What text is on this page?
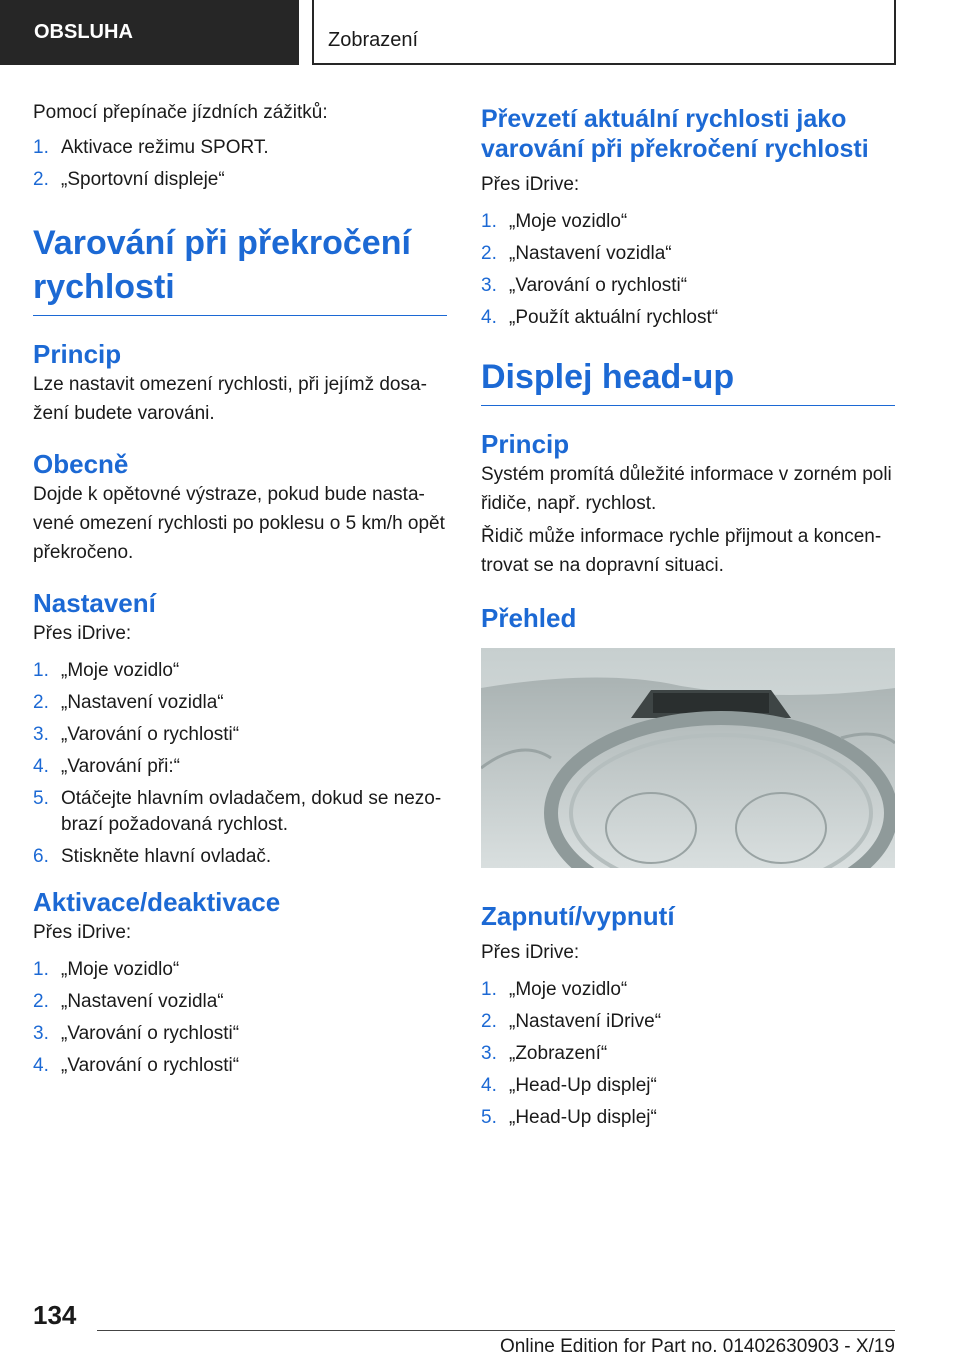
OBSLUHA	Zobrazení

Pomocí přepínače jízdních zážitků:

1. Aktivace režimu SPORT.
2. „Sportovní displeje“
Varování při překročení rychlosti
Princip

Lze nastavit omezení rychlosti, při jejímž dosažení budete varováni.

Obecně

Dojde k opětovné výstraze, pokud bude nastavené omezení rychlosti po poklesu o 5 km/h opět překročeno.

Nastavení

Přes iDrive:

1. „Moje vozidlo“
2. „Nastavení vozidla“
3. „Varování o rychlosti“
4. „Varování při:“
5. Otáčejte hlavním ovladačem, dokud se nezobrazí požadovaná rychlost.
6. Stiskněte hlavní ovladač.
Aktivace/deaktivace

Přes iDrive:

1. „Moje vozidlo“
2. „Nastavení vozidla“
3. „Varování o rychlosti“
4. „Varování o rychlosti“
Převzetí aktuální rychlosti jako varování při překročení rychlosti

Přes iDrive:

1. „Moje vozidlo“
2. „Nastavení vozidla“
3. „Varování o rychlosti“
4. „Použít aktuální rychlost“
Displej head-up
Princip

Systém promítá důležité informace v zorném poli řidiče, např. rychlost.

Řidič může informace rychle přijmout a koncentrovat se na dopravní situaci.

Přehled
Zapnutí/vypnutí

Přes iDrive:

1. „Moje vozidlo“
2. „Nastavení iDrive“
3. „Zobrazení“
4. „Head-Up displej“
5. „Head-Up displej“
134
Online Edition for Part no. 01402630903 - X/19
